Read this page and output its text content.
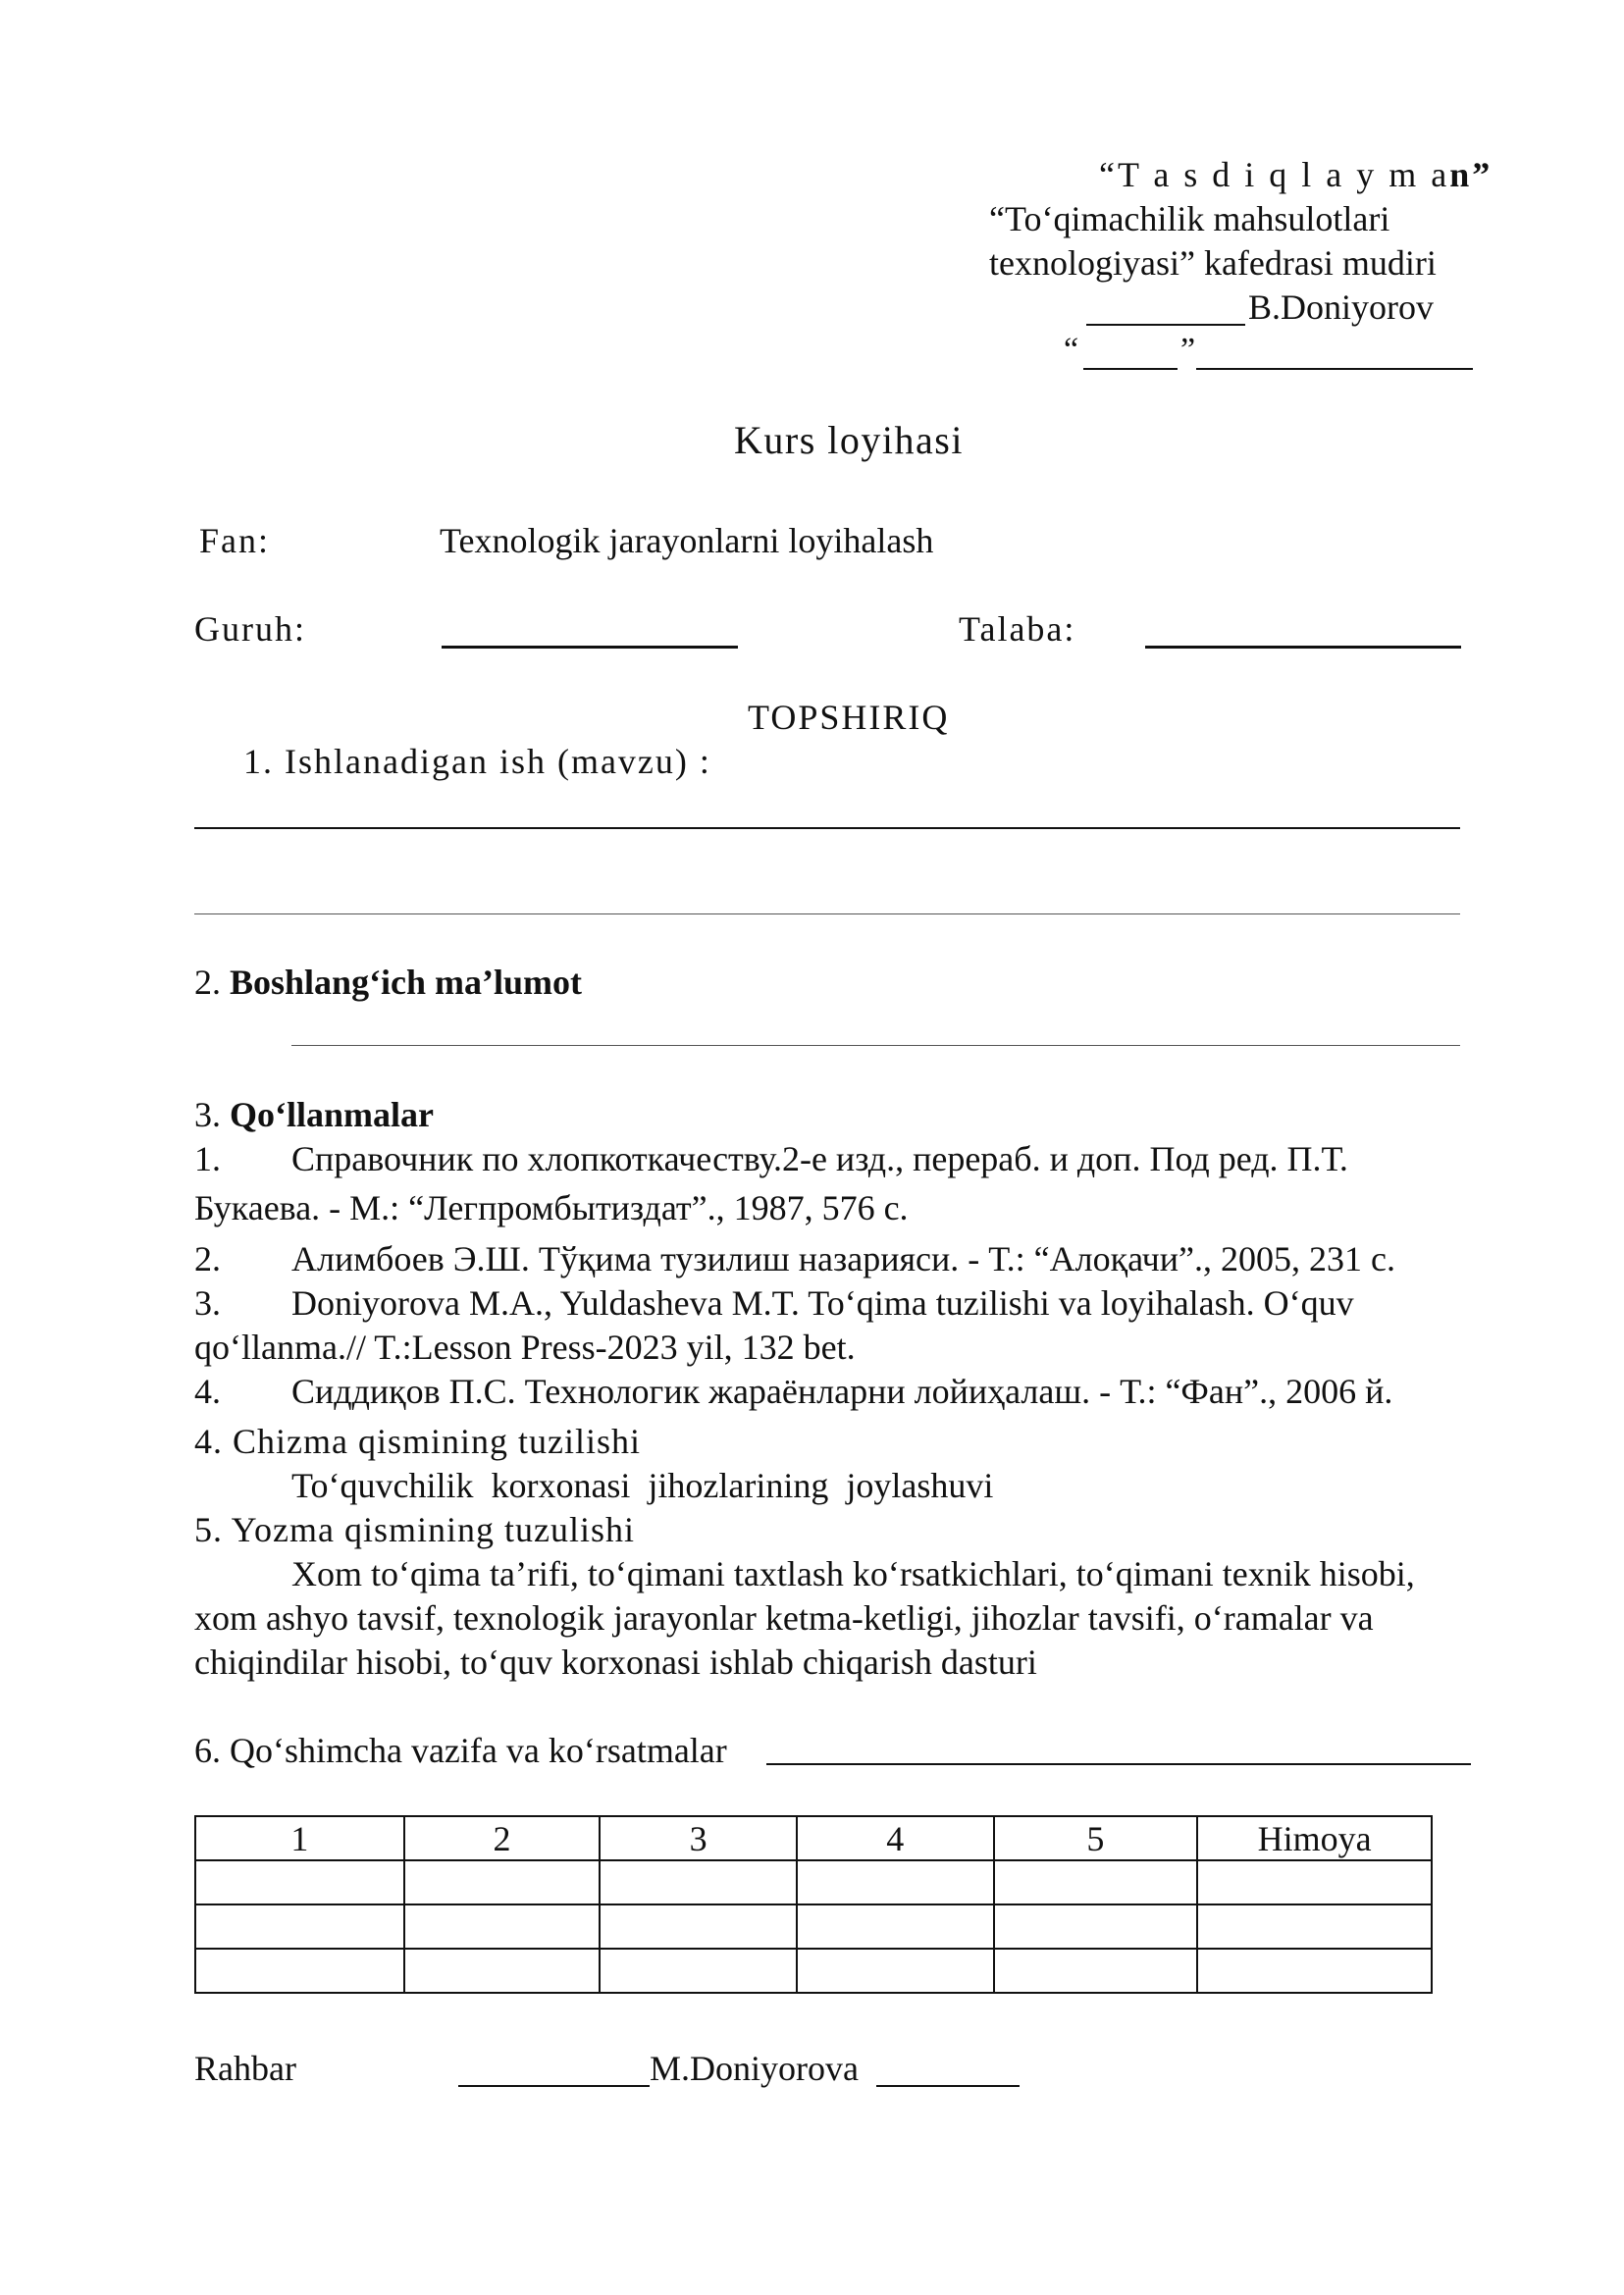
“T a s d i q l a y m an”
“To‘qimachilik mahsulotlari
texnologiyasi” kafedrasi mudiri
B.Doniyorov
“	”
Kurs loyihasi
Fan:	Texnologik jarayonlarni loyihalash
Guruh:	Talaba:
TOPSHIRIQ
1. Ishlanadigan ish (mavzu) :
2. Boshlang‘ich ma’lumot
3. Qo‘llanmalar
1. Справочник по хлопкоткачеству.2-е изд., перераб. и доп. Под ред. П.Т.
Букаева. - М.: “Легпромбытиздат”., 1987, 576 с.
2. Алимбоев Э.Ш. Тўқима тузилиш назарияси. - Т.: “Алоқачи”., 2005, 231 с.
3. Doniyorova M.A., Yuldasheva M.T. To‘qima tuzilishi va loyihalash. O‘quv
qo‘llanma.// T.:Lesson Press-2023 yil, 132 bet.
4. Сиддиқов П.С. Технологик жараёнларни лойиҳалаш. - Т.: “Фан”., 2006 й.
4. Chizma qismining tuzilishi
To‘quvchilik  korxonasi  jihozlarining  joylashuvi
5. Yozma qismining tuzulishi
Xom to‘qima ta’rifi, to‘qimani taxtlash ko‘rsatkichlari, to‘qimani texnik hisobi,
xom ashyo tavsif, texnologik jarayonlar ketma-ketligi, jihozlar tavsifi, o‘ramalar va
chiqindilar hisobi, to‘quv korxonasi ishlab chiqarish dasturi
6. Qo‘shimcha vazifa va ko‘rsatmalar
1	2	3	4	5	Himoya

Rahbar	M.Doniyorova
